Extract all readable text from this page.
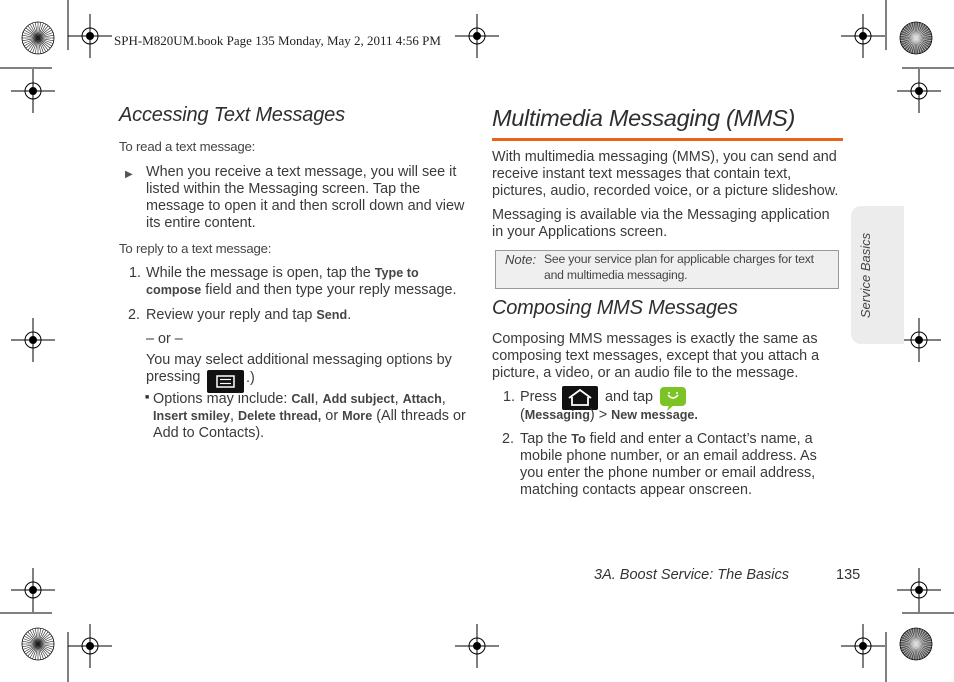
SPH-M820UM.book Page 135 Monday, May 2, 2011 4:56 PM
Accessing Text Messages
To read a text message:
▶ When you receive a text message, you will see it listed within the Messaging screen. Tap the message to open it and then scroll down and view its entire content.
To reply to a text message:
1. While the message is open, tap the Type to compose field and then type your reply message.
2. Review your reply and tap Send.
– or –
You may select additional messaging options by pressing	.)
■ Options may include: Call, Add subject, Attach, Insert smiley, Delete thread, or More (All threads or Add to Contacts).
Multimedia Messaging (MMS)
With multimedia messaging (MMS), you can send and receive instant text messages that contain text, pictures, audio, recorded voice, or a picture slideshow.
Messaging is available via the Messaging application in your Applications screen.
Note: See your service plan for applicable charges for text and multimedia messaging.
Composing MMS Messages
Composing MMS messages is exactly the same as composing text messages, except that you attach a picture, a video, or an audio file to the message.
1. Press	and tap
(Messaging) > New message.
2. Tap the To field and enter a Contact’s name, a mobile phone number, or an email address. As you enter the phone number or email address, matching contacts appear onscreen.
Service Basics
3A. Boost Service: The Basics	135
